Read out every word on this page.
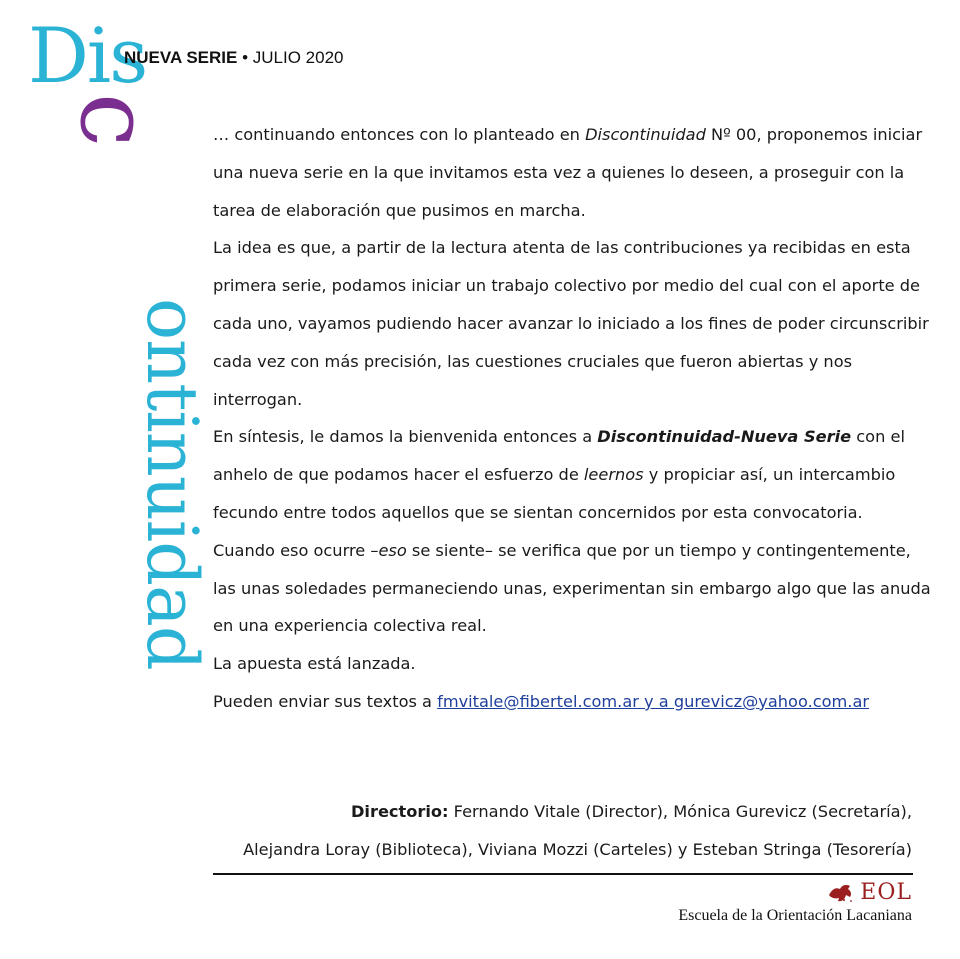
Dis
c
ontinuidad
NUEVA SERIE • JULIO 2020

… continuando entonces con lo planteado en Discontinuidad Nº 00, proponemos iniciar una nueva serie en la que invitamos esta vez a quienes lo deseen, a proseguir con la tarea de elaboración que pusimos en marcha.

La idea es que, a partir de la lectura atenta de las contribuciones ya recibidas en esta primera serie, podamos iniciar un trabajo colectivo por medio del cual con el aporte de cada uno, vayamos pudiendo hacer avanzar lo iniciado a los fines de poder circunscribir cada vez con más precisión, las cuestiones cruciales que fueron abiertas y nos interrogan.

En síntesis, le damos la bienvenida entonces a Discontinuidad-Nueva Serie con el anhelo de que podamos hacer el esfuerzo de leernos y propiciar así, un intercambio fecundo entre todos aquellos que se sientan concernidos por esta convocatoria.

Cuando eso ocurre –eso se siente– se verifica que por un tiempo y contingentemente, las unas soledades permaneciendo unas, experimentan sin embargo algo que las anuda en una experiencia colectiva real.

La apuesta está lanzada.

Pueden enviar sus textos a fmvitale@fibertel.com.ar y a gurevicz@yahoo.com.ar

Directorio: Fernando Vitale (Director), Mónica Gurevicz (Secretaría),
Alejandra Loray (Biblioteca), Viviana Mozzi (Carteles) y Esteban Stringa (Tesorería)
EOL
Escuela de la Orientación Lacaniana
